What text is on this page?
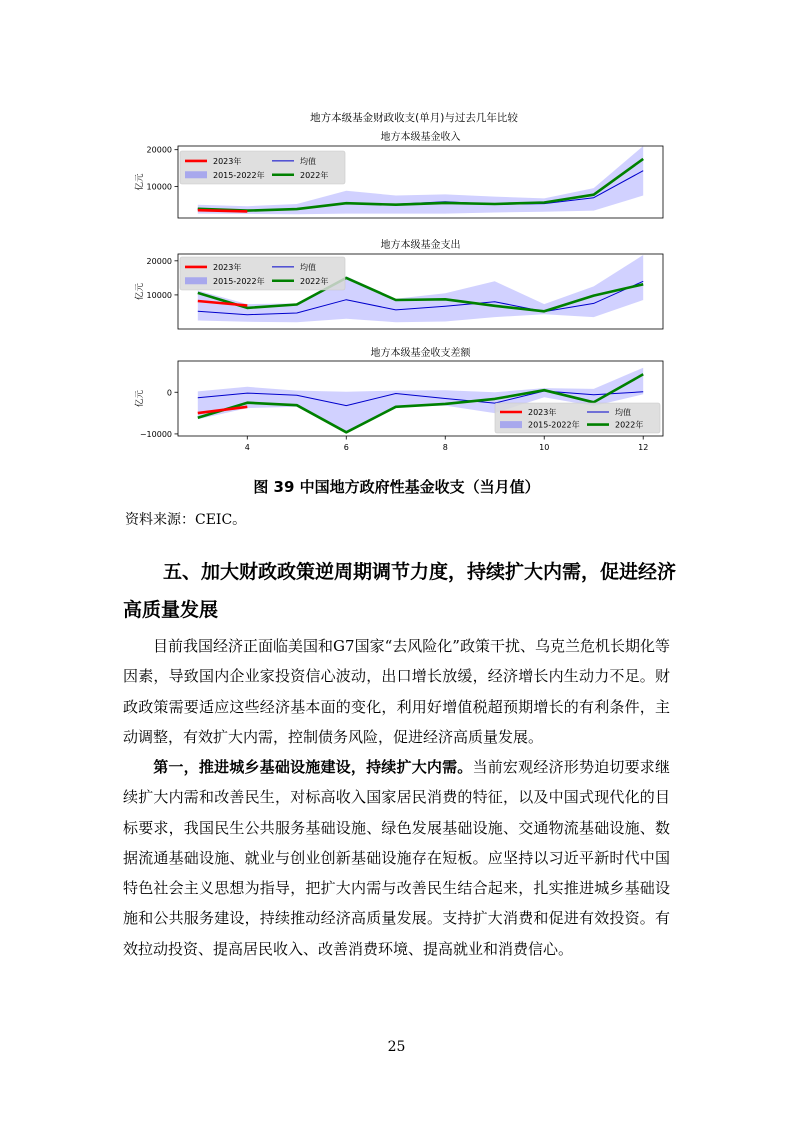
地方本级基金财政收支(单月)与过去几年比较
地方本级基金收入
10000
20000
亿元
2023年	均值
2015-2022年	2022年
地方本级基金支出
10000
20000
亿元
2023年	均值
2015-2022年	2022年
地方本级基金收支差额
−10000
0
亿元
4	6	8	10	12
2023年	均值
2015-2022年	2022年
图 39 中国地方政府性基金收支（当月值）
资料来源：CEIC。
五、加大财政政策逆周期调节力度，持续扩大内需，促进经济高质量发展
目前我国经济正面临美国和G7国家“去风险化”政策干扰、乌克兰危机长期化等因素，导致国内企业家投资信心波动，出口增长放缓，经济增长内生动力不足。财政政策需要适应这些经济基本面的变化，利用好增值税超预期增长的有利条件，主动调整，有效扩大内需，控制债务风险，促进经济高质量发展。
第一，推进城乡基础设施建设，持续扩大内需。当前宏观经济形势迫切要求继续扩大内需和改善民生，对标高收入国家居民消费的特征，以及中国式现代化的目标要求，我国民生公共服务基础设施、绿色发展基础设施、交通物流基础设施、数据流通基础设施、就业与创业创新基础设施存在短板。应坚持以习近平新时代中国特色社会主义思想为指导，把扩大内需与改善民生结合起来，扎实推进城乡基础设施和公共服务建设，持续推动经济高质量发展。支持扩大消费和促进有效投资。有效拉动投资、提高居民收入、改善消费环境、提高就业和消费信心。
25
